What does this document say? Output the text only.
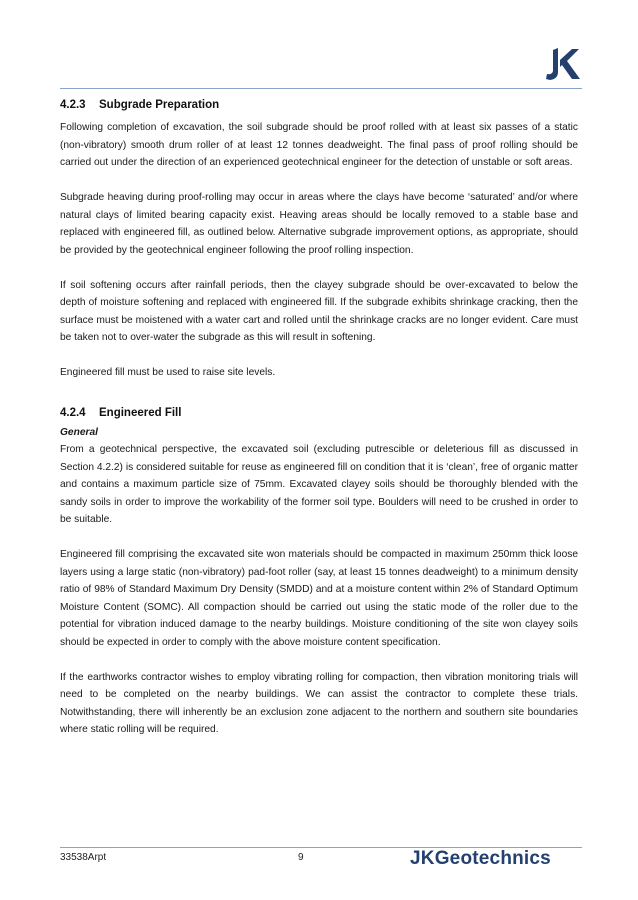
4.2.3	Subgrade Preparation

Following completion of excavation, the soil subgrade should be proof rolled with at least six passes of a static (non-vibratory) smooth drum roller of at least 12 tonnes deadweight. The final pass of proof rolling should be carried out under the direction of an experienced geotechnical engineer for the detection of unstable or soft areas.

Subgrade heaving during proof-rolling may occur in areas where the clays have become ‘saturated’ and/or where natural clays of limited bearing capacity exist. Heaving areas should be locally removed to a stable base and replaced with engineered fill, as outlined below. Alternative subgrade improvement options, as appropriate, should be provided by the geotechnical engineer following the proof rolling inspection.

If soil softening occurs after rainfall periods, then the clayey subgrade should be over-excavated to below the depth of moisture softening and replaced with engineered fill. If the subgrade exhibits shrinkage cracking, then the surface must be moistened with a water cart and rolled until the shrinkage cracks are no longer evident. Care must be taken not to over-water the subgrade as this will result in softening.

Engineered fill must be used to raise site levels.

4.2.4	Engineered Fill
General

From a geotechnical perspective, the excavated soil (excluding putrescible or deleterious fill as discussed in Section 4.2.2) is considered suitable for reuse as engineered fill on condition that it is ‘clean’, free of organic matter and contains a maximum particle size of 75mm. Excavated clayey soils should be thoroughly blended with the sandy soils in order to improve the workability of the former soil type. Boulders will need to be crushed in order to be suitable.

Engineered fill comprising the excavated site won materials should be compacted in maximum 250mm thick loose layers using a large static (non-vibratory) pad-foot roller (say, at least 15 tonnes deadweight) to a minimum density ratio of 98% of Standard Maximum Dry Density (SMDD) and at a moisture content within 2% of Standard Optimum Moisture Content (SOMC). All compaction should be carried out using the static mode of the roller due to the potential for vibration induced damage to the nearby buildings. Moisture conditioning of the site won clayey soils should be expected in order to comply with the above moisture content specification.

If the earthworks contractor wishes to employ vibrating rolling for compaction, then vibration monitoring trials will need to be completed on the nearby buildings. We can assist the contractor to complete these trials. Notwithstanding, there will inherently be an exclusion zone adjacent to the northern and southern site boundaries where static rolling will be required.

33538Arpt	9	JKGeotechnics
